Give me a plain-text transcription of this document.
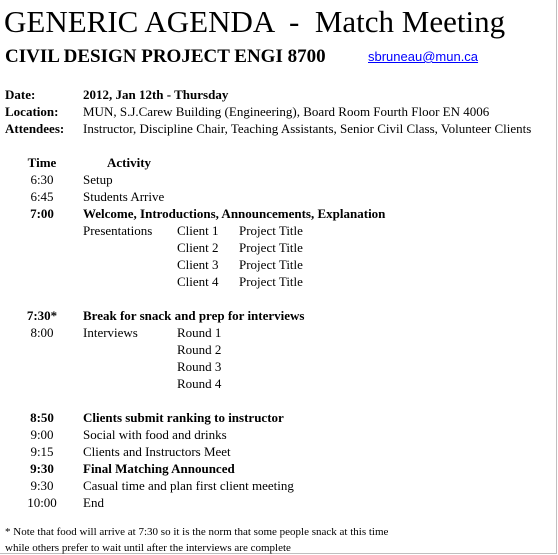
GENERIC AGENDA  -  Match Meeting
CIVIL DESIGN PROJECT ENGI 8700	sbruneau@mun.ca
Date:	2012, Jan 12th - Thursday
Location: MUN, S.J.Carew Building (Engineering), Board Room Fourth Floor EN 4006
Attendees: Instructor, Discipline Chair, Teaching Assistants, Senior Civil Class, Volunteer Clients
Time	Activity
6:30	Setup
6:45	Students Arrive
7:00	Welcome, Introductions, Announcements, Explanation
Presentations Client 1 Project Title
Client 2 Project Title
Client 3 Project Title
Client 4 Project Title
7:30*	Break for snack and prep for interviews
8:00	Interviews	Round 1
Round 2
Round 3
Round 4
8:50	Clients submit ranking to instructor
9:00	Social with food and drinks
9:15	Clients and Instructors Meet
9:30	Final Matching Announced
9:30	Casual time and plan first client meeting
10:00	End
* Note that food will arrive at 7:30 so it is the norm that some people snack at this time
while others prefer to wait until after the interviews are complete
